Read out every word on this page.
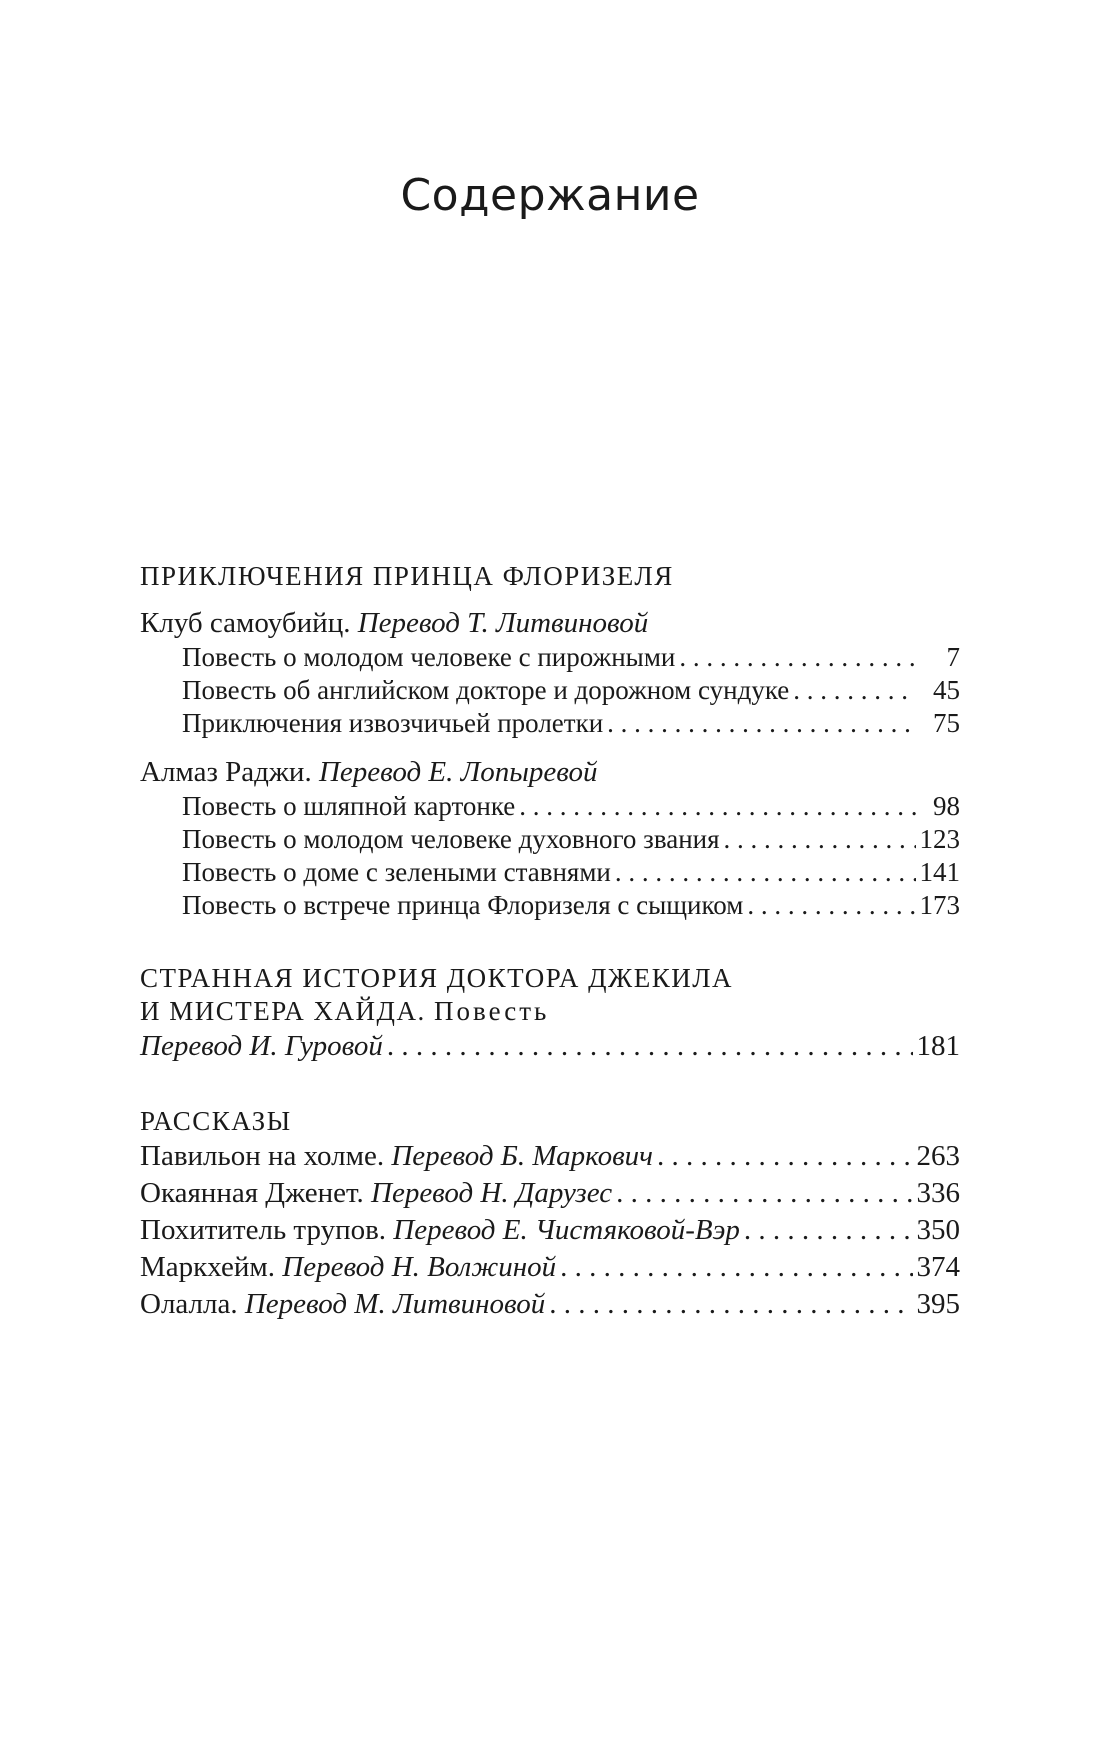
Содержание

ПРИКЛЮЧЕНИЯ ПРИНЦА ФЛОРИЗЕЛЯ

Клуб самоубийц. Перевод Т. Литвиновой

Повесть о молодом человеке с пирожными . . .	7
Повесть об английском докторе и дорожном сундуке . . .	45
Приключения извозчичьей пролетки . . .	75

Алмаз Раджи. Перевод Е. Лопыревой

Повесть о шляпной картонке . . .	98
Повесть о молодом человеке духовного звания . . .	123
Повесть о доме с зелеными ставнями . . .	141
Повесть о встрече принца Флоризеля с сыщиком . . .	173

СТРАННАЯ ИСТОРИЯ ДОКТОРА ДЖЕКИЛА

И МИСТЕРА ХАЙДА. Повесть

Перевод И. Гуровой . . .	181

РАССКАЗЫ

Павильон на холме. Перевод Б. Маркович . . .	263
Окаянная Дженет. Перевод Н. Дарузес . . .	336
Похититель трупов. Перевод Е. Чистяковой-Вэр . . .	350
Маркхейм. Перевод Н. Волжиной . . .	374
Олалла. Перевод М. Литвиновой . . .	395
